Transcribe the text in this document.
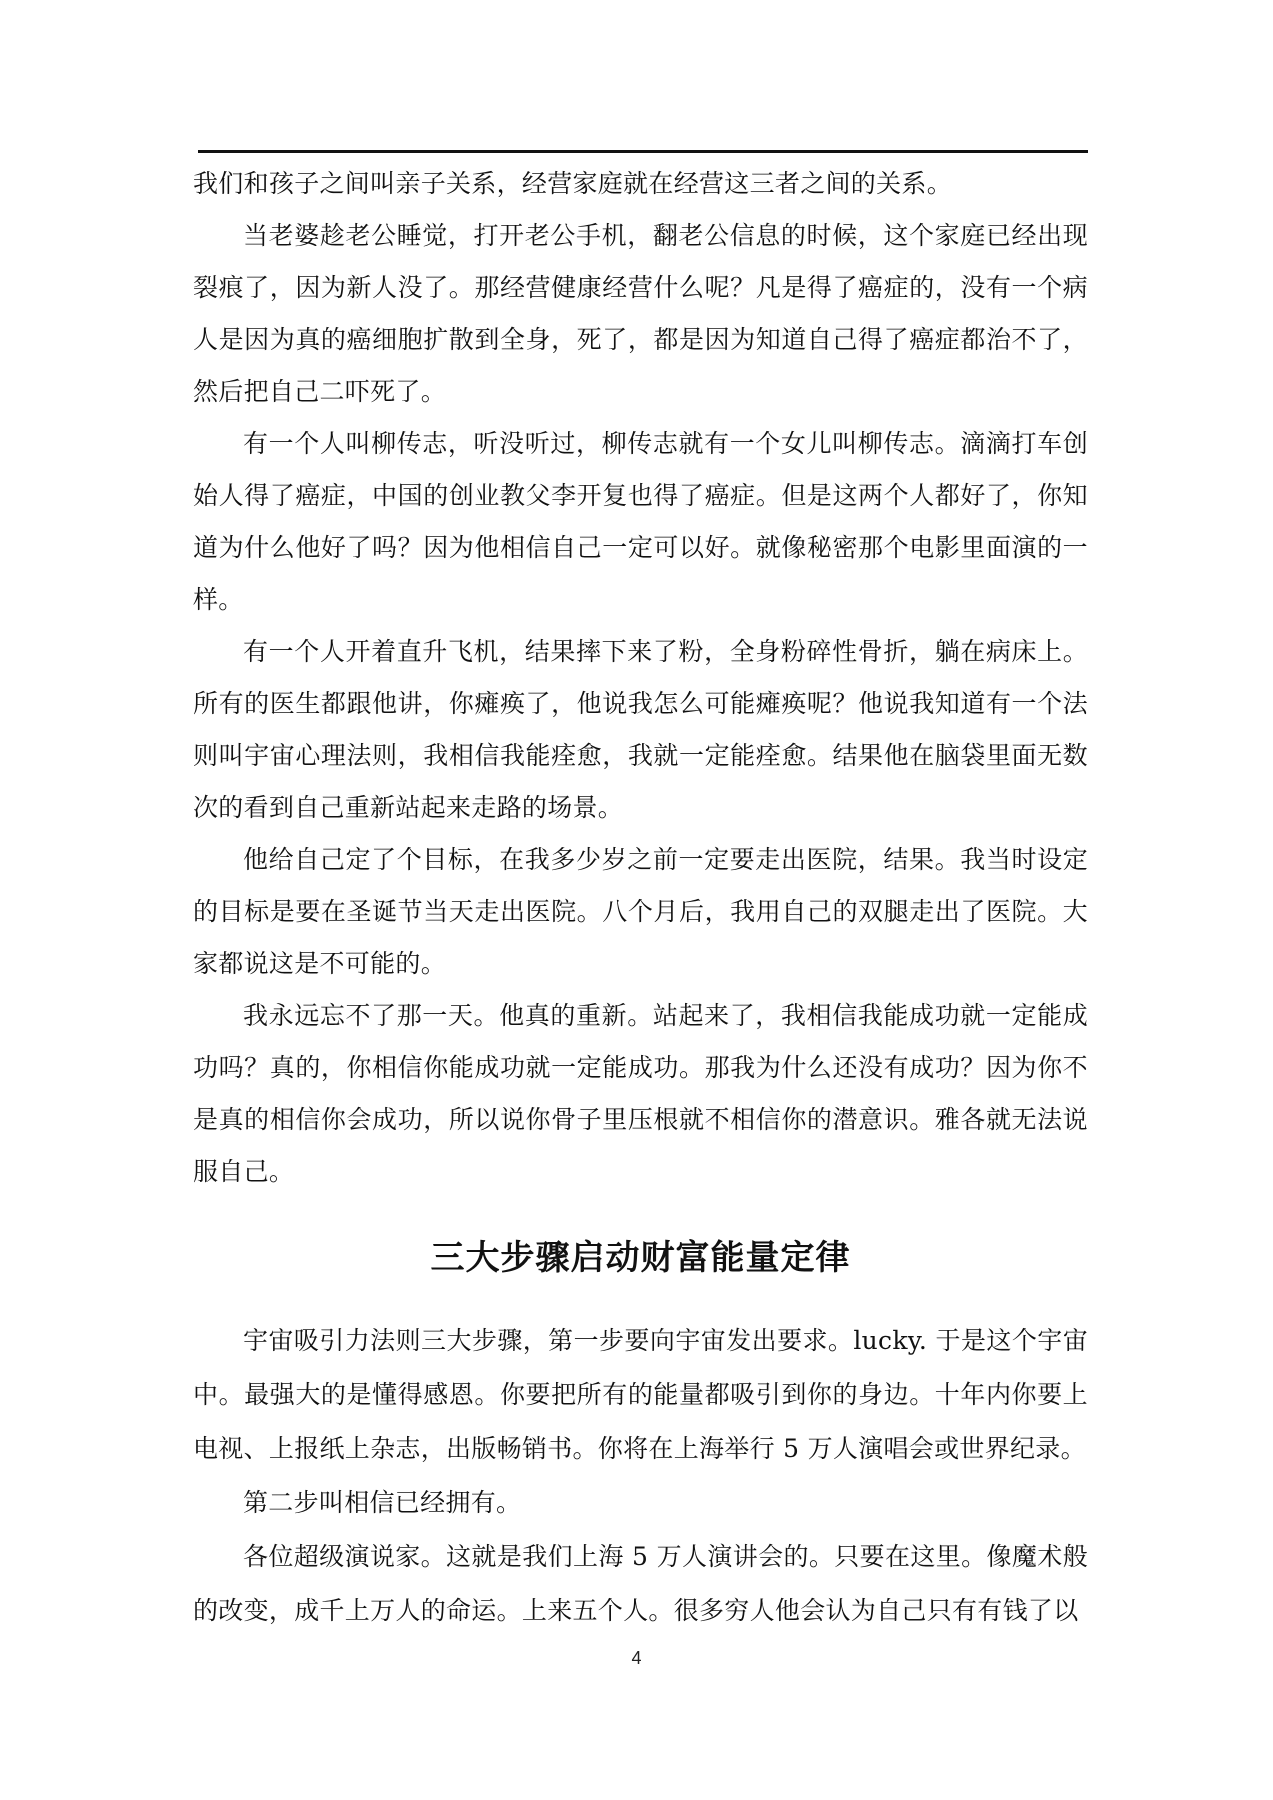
我们和孩子之间叫亲子关系，经营家庭就在经营这三者之间的关系。

当老婆趁老公睡觉，打开老公手机，翻老公信息的时候，这个家庭已经出现裂痕了，因为新人没了。那经营健康经营什么呢？凡是得了癌症的，没有一个病人是因为真的癌细胞扩散到全身，死了，都是因为知道自己得了癌症都治不了，然后把自己二吓死了。

有一个人叫柳传志，听没听过，柳传志就有一个女儿叫柳传志。滴滴打车创始人得了癌症，中国的创业教父李开复也得了癌症。但是这两个人都好了，你知道为什么他好了吗？因为他相信自己一定可以好。就像秘密那个电影里面演的一样。

有一个人开着直升飞机，结果摔下来了粉，全身粉碎性骨折，躺在病床上。所有的医生都跟他讲，你瘫痪了，他说我怎么可能瘫痪呢？他说我知道有一个法则叫宇宙心理法则，我相信我能痊愈，我就一定能痊愈。结果他在脑袋里面无数次的看到自己重新站起来走路的场景。

他给自己定了个目标，在我多少岁之前一定要走出医院，结果。我当时设定的目标是要在圣诞节当天走出医院。八个月后，我用自己的双腿走出了医院。大家都说这是不可能的。

我永远忘不了那一天。他真的重新。站起来了，我相信我能成功就一定能成功吗？真的，你相信你能成功就一定能成功。那我为什么还没有成功？因为你不是真的相信你会成功，所以说你骨子里压根就不相信你的潜意识。雅各就无法说服自己。

三大步骤启动财富能量定律

宇宙吸引力法则三大步骤，第一步要向宇宙发出要求。lucky. 于是这个宇宙中。最强大的是懂得感恩。你要把所有的能量都吸引到你的身边。十年内你要上电视、上报纸上杂志，出版畅销书。你将在上海举行 5 万人演唱会或世界纪录。

第二步叫相信已经拥有。

各位超级演说家。这就是我们上海 5 万人演讲会的。只要在这里。像魔术般的改变，成千上万人的命运。上来五个人。很多穷人他会认为自己只有有钱了以

4
